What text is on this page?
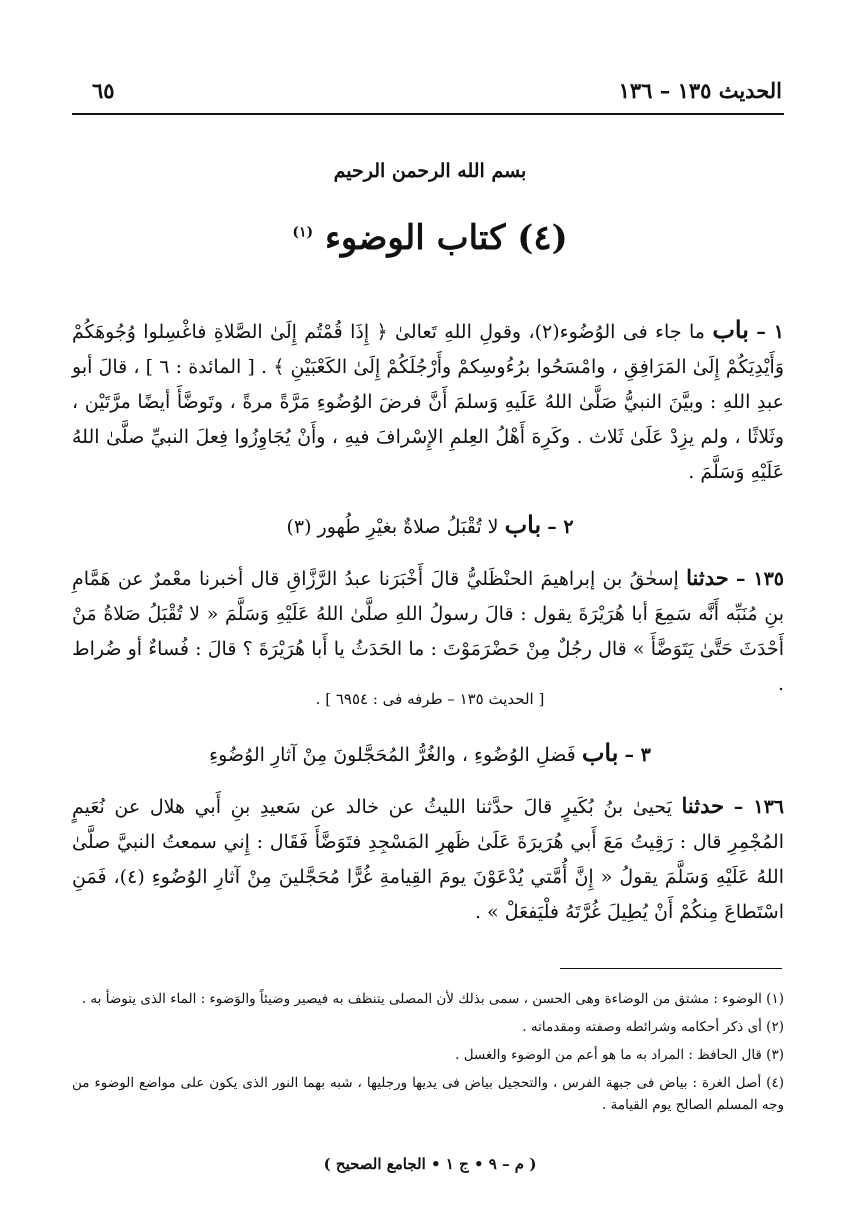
الحديث ١٣٥ – ١٣٦
٦٥
بسم الله الرحمن الرحيم
(٤) كتاب الوضوء $^{(١)}$
١ – باب ما جاء فى الوُضُوء(٢)، وقولِ اللهِ تَعالىٰ ﴿ إِذَا قُمْتُم إِلَىٰ الصَّلاةِ فاغْسِلوا وُجُوهَكُمْ وَأَيْدِيَكُمْ إِلَىٰ المَرَافِقِ ، وامْسَحُوا برُءُوسِكمْ وأَرْجُلَكُمْ إِلَىٰ الكَعْبَيْنِ ﴾ . [ المائدة : ٦ ] ، قالَ أبو عبدِ اللهِ : وبيَّنَ النبيُّ صَلَّىٰ اللهُ عَلَيهِ وَسلمَ أَنَّ فرضَ الوُضُوءِ مَرَّةً مرةً ، وتَوضَّأَ أيضًا مرَّتَيْن ، وثَلاثًا ، ولم يزِدْ عَلَىٰ ثَلاث . وكَرِهَ أَهْلُ العِلمِ الإِسْرافَ فيهِ ، وأَنْ يُجَاوِزُوا فِعلَ النبيِّ صلَّىٰ اللهُ عَلَيْهِ وَسَلَّمَ .
٢ – باب لا تُقْبَلُ صلاةٌ بغيْرِ طُهور (٣)
١٣٥ – حدثنا إسحٰقُ بن إبراهيمَ الحنْظَليُّ قالَ أَخْبَرَنا عبدُ الرَّزَّاقِ قال أخبرنا معْمرٌ عن هَمَّامِ بنِ مُنَبِّه أَنَّه سَمِعَ أبا هُرَيْرَةَ يقول : قالَ رسولُ اللهِ صلَّىٰ اللهُ عَلَيْهِ وَسَلَّمَ « لا تُقْبَلُ صَلاةُ مَنْ أَحْدَثَ حَتَّىٰ يَتَوَضَّأَ » قال رجُلٌ مِنْ حَضْرَمَوْتَ : ما الحَدَثُ يا أَبا هُرَيْرَةَ ؟ قالَ : فُساءٌ أو ضُراط .
[ الحديث ١٣٥ – طرفه فى : ٦٩٥٤ ] .
٣ – باب فَضلِ الوُضُوءِ ، والغُرُّ المُحَجَّلونَ مِنْ آثارِ الوُضُوءِ
١٣٦ – حدثنا يَحيىٰ بنُ بُكَيرٍ قالَ حدَّثنا الليثُ عن خالد عن سَعيدِ بنِ أَبي هلال عن نُعَيمٍ المُجْمِرِ قال : رَقِيتُ مَعَ أَبي هُرَيرَةَ عَلَىٰ ظَهرِ المَسْجِدِ فتَوَضَّأَ فَقَال : إِني سمعتُ النبيَّ صلَّىٰ اللهُ عَلَيْهِ وَسَلَّمَ يقولُ « إِنَّ أُمَّتي يُدْعَوْنَ يومَ القِيامةِ غُرًّا مُحَجَّلينَ مِنْ آثارِ الوُضُوءِ (٤)، فَمَنِ اسْتَطاعَ مِنكُمْ أَنْ يُطِيلَ غُرَّتَهُ فلْيَفعَلْ » .
(١) الوضوء : مشتق من الوضاءة وهى الحسن ، سمى بذلك لأن المصلى يتنظف به فيصير وضيئاً والوَضوء : الماء الذى يتوضأ به .
(٢) أى ذكر أحكامه وشرائطه وصفته ومقدماته .
(٣) قال الحافظ : المراد به ما هو أعم من الوضوء والغسل .
(٤) أصل الغرة : بياض فى جبهة الفرس ، والتحجيل بياض فى يديها ورجليها ، شبه بهما النور الذى يكون على مواضع الوضوء من وجه المسلم الصالح يوم القيامة .
( م – ٩ • ج ١ • الجامع الصحيح )
